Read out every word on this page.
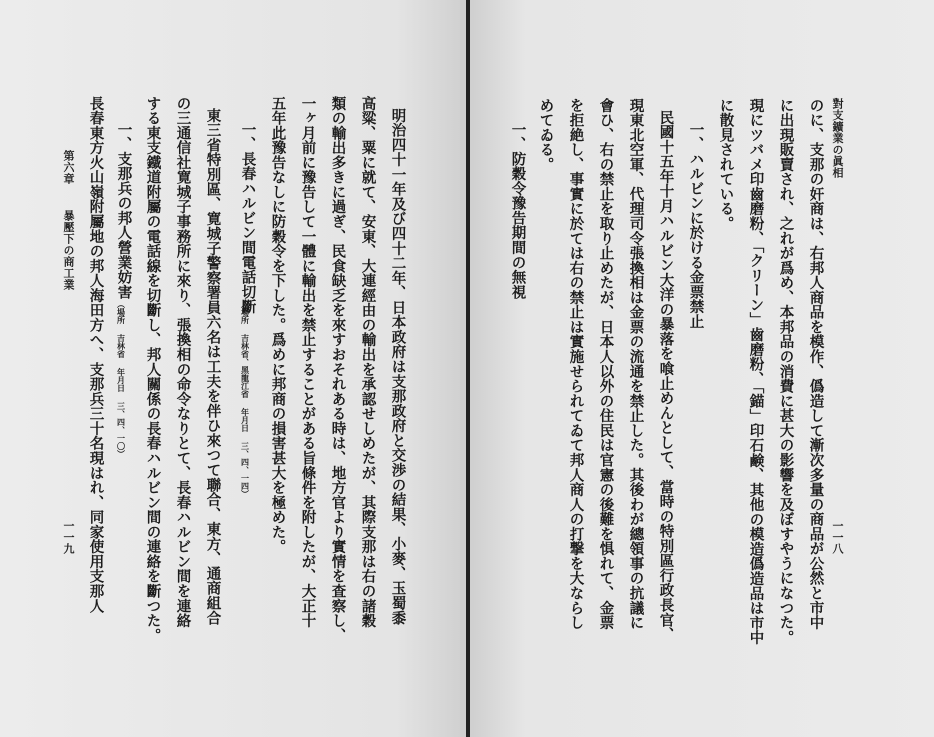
第六章
暴壓下の商工業
一一九	明治四十一年及び四十二年、日本政府は支那政府と交渉の結果、小麥、玉蜀黍
高粱、粟に就て、安東、大連經由の輸出を承認せしめたが、其際支那は右の諸穀
類の輸出多きに過ぎ、民食缺乏を來すおそれある時は、地方官より實情を査察し、
一ヶ月前に豫告して一體に輸出を禁止することがある旨條件を附したが、大正十
五年此豫告なしに防穀令を下した。爲めに邦商の損害甚大を極めた。
一、長春ハルビン間電話切斷
（場所 吉林省、黑龍江省 年月日 三、四、一四）
東三省特別區、寛城子警察署員六名は工夫を伴ひ來つて聯合、東方、通商組合
の三通信社寛城子事務所に來り、張換相の命令なりとて、長春ハルビン間を連絡
する東支鐵道附屬の電話線を切斷し、邦人關係の長春ハルビン間の連絡を斷つた。
一、支那兵の邦人營業妨害
（場所 吉林省 年月日 三、四、一〇）
長春東方火山嶺附屬地の邦人海田方へ、支那兵三十名現はれ、同家使用支那人	對支鑛業の眞相
一一八
のに、支那の奸商は、右邦人商品を模作、僞造して漸次多量の商品が公然と市中
に出現販賣され、之れが爲め、本邦品の消費に甚大の影響を及ぼすやうになつた。
現にツバメ印齒磨粉、「クリーン」齒磨粉、「錨」印石鹸、其他の模造僞造品は市中
に散見されている。
一、ハルビンに於ける金票禁止
民國十五年十月ハルビン大洋の暴落を喰止めんとして、當時の特別區行政長官、
現東北空軍、代理司令張換相は金票の流通を禁止した。其後わが總領事の抗議に
會ひ、右の禁止を取り止めたが、日本人以外の住民は官憲の後難を惧れて、金票
を拒絶し、事實に於ては右の禁止は實施せられてゐて邦人商人の打撃を大ならし
めてゐる。
一、防穀令豫告期間の無視
